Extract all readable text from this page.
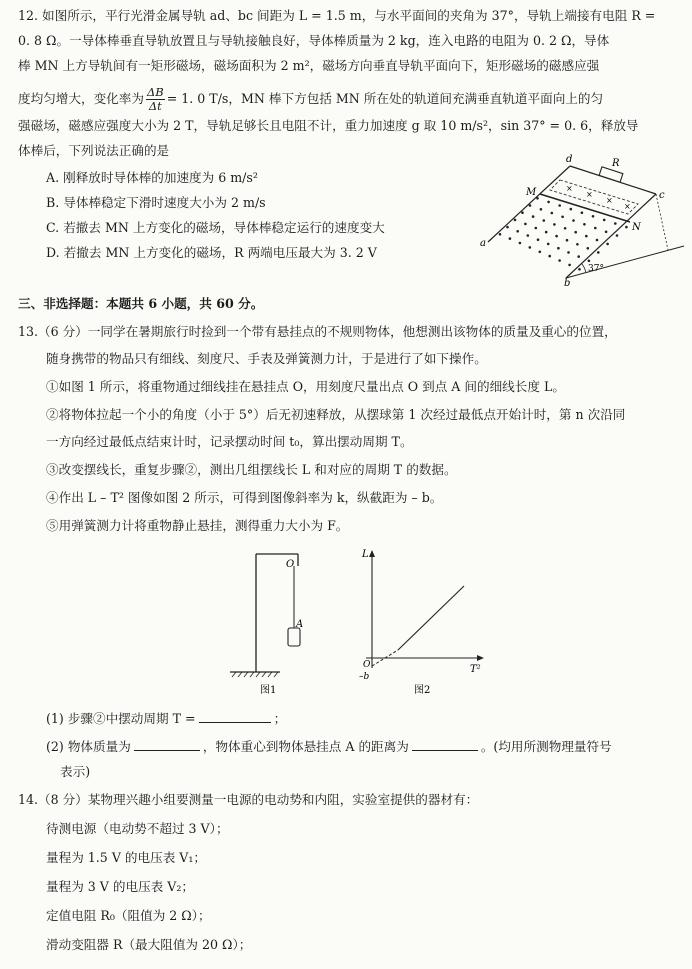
12. 如图所示，平行光滑金属导轨 ad、bc 间距为 L = 1.5 m，与水平面间的夹角为 37°，导轨上端接有电阻 R =
0. 8 Ω。一导体棒垂直导轨放置且与导轨接触良好，导体棒质量为 2 kg，连入电路的电阻为 0. 2 Ω，导体
棒 MN 上方导轨间有一矩形磁场，磁场面积为 2 m²，磁场方向垂直导轨平面向下，矩形磁场的磁感应强
度均匀增大，变化率为 $\frac{\Delta B}{\Delta t} = 1$. 0 T/s，MN 棒下方包括 MN 所在处的轨道间充满垂直轨道平面向上的匀
强磁场，磁感应强度大小为 2 T，导轨足够长且电阻不计，重力加速度 g 取 10 m/s²，sin 37° = 0. 6，释放导
体棒后，下列说法正确的是
A. 刚释放时导体棒的加速度为 6 m/s²
B. 导体棒稳定下滑时速度大小为 2 m/s
C. 若撤去 MN 上方变化的磁场，导体棒稳定运行的速度变大
D. 若撤去 MN 上方变化的磁场，R 两端电压最大为 3. 2 V
×
×
×
×
d	R
M	c
N
a
b
37°
三、非选择题：本题共 6 小题，共 60 分。
13.（6 分）一同学在暑期旅行时捡到一个带有悬挂点的不规则物体，他想测出该物体的质量及重心的位置，
随身携带的物品只有细线、刻度尺、手表及弹簧测力计，于是进行了如下操作。
①如图 1 所示，将重物通过细线挂在悬挂点 O，用刻度尺量出点 O 到点 A 间的细线长度 L。
②将物体拉起一个小的角度（小于 5°）后无初速释放，从摆球第 1 次经过最低点开始计时，第 n 次沿同
一方向经过最低点结束计时，记录摆动时间 t₀，算出摆动周期 T。
③改变摆线长，重复步骤②，测出几组摆线长 L 和对应的周期 T 的数据。
④作出 L – T² 图像如图 2 所示，可得到图像斜率为 k，纵截距为 – b。
⑤用弹簧测力计将重物静止悬挂，测得重力大小为 F。
O
A
图1
L
T²
O
–b
图2
(1) 步骤②中摆动周期 T =	；
(2) 物体质量为	，物体重心到物体悬挂点 A 的距离为	。(均用所测物理量符号
表示)
14.（8 分）某物理兴趣小组要测量一电源的电动势和内阻，实验室提供的器材有：
待测电源（电动势不超过 3 V）；
量程为 1.5 V 的电压表 V₁；
量程为 3 V 的电压表 V₂；
定值电阻 R₀（阻值为 2 Ω）；
滑动变阻器 R（最大阻值为 20 Ω）；
